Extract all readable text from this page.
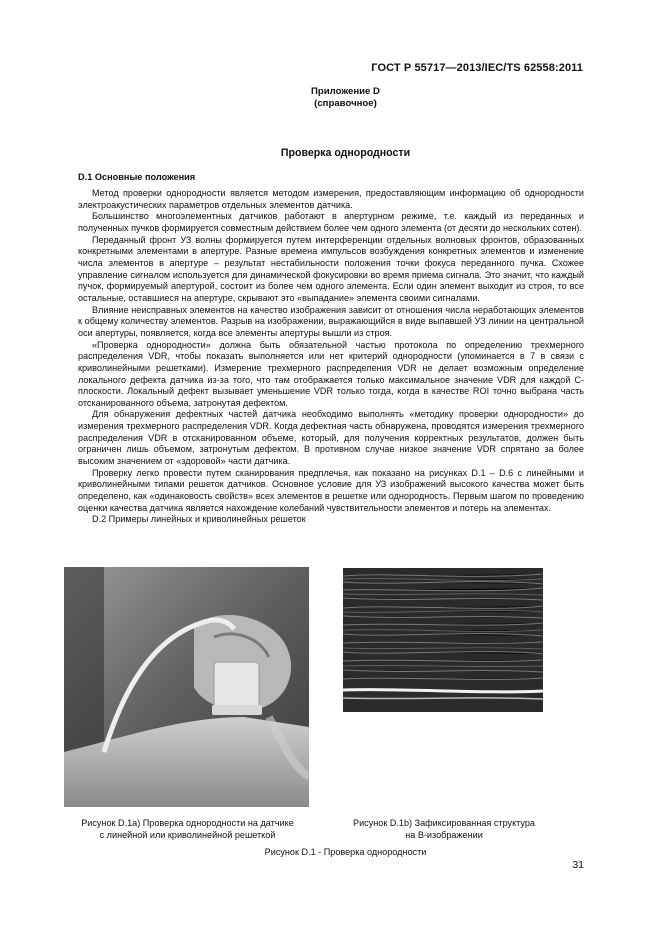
ГОСТ Р 55717—2013/IEC/TS 62558:2011
Приложение D
(справочное)
Проверка однородности
D.1 Основные положения

Метод проверки однородности является методом измерения, предоставляющим информацию об однородности электроакустических параметров отдельных элементов датчика.

Большинство многоэлементных датчиков работают в апертурном режиме, т.е. каждый из переданных и полученных пучков формируется совместным действием более чем одного элемента (от десяти до нескольких сотен).

Переданный фронт УЗ волны формируется путем интерференции отдельных волновых фронтов, образованных конкретными элементами в апертуре. Разные времена импульсов возбуждения конкретных элементов и изменение числа элементов в апертуре – результат нестабильности положения точки фокуса переданного пучка. Схожее управление сигналом используется для динамической фокусировки во время приема сигнала. Это значит, что каждый пучок, формируемый апертурой, состоит из более чем одного элемента. Если один элемент выходит из строя, то все остальные, оставшиеся на апертуре, скрывают это «выпадание» элемента своими сигналами.

Влияние неисправных элементов на качество изображения зависит от отношения числа неработающих элементов к общему количеству элементов. Разрыв на изображении, выражающийся в виде выпавшей УЗ линии на центральной оси апертуры, появляется, когда все элементы апертуры вышли из строя.

«Проверка однородности» должна быть обязательной частью протокола по определению трехмерного распределения VDR, чтобы показать выполняется или нет критерий однородности (упоминается в 7 в связи с криволинейными решетками). Измерение трехмерного распределения VDR не делает возможным определение локального дефекта датчика из-за того, что там отображается только максимальное значение VDR для каждой C-плоскости. Локальный дефект вызывает уменьшение VDR только тогда, когда в качестве ROI точно выбрана часть отсканированного объема, затронутая дефектом.

Для обнаружения дефектных частей датчика необходимо выполнять «методику проверки однородности» до измерения трехмерного распределения VDR. Когда дефектная часть обнаружена, проводятся измерения трехмерного распределения VDR в отсканированном объеме, который, для получения корректных результатов, должен быть ограничен лишь объемом, затронутым дефектом. В противном случае низкое значение VDR спрятано за более высоким значением от «здоровой» части датчика.

Проверку легко провести путем сканирования предплечья, как показано на рисунках D.1 – D.6 с линейными и криволинейными типами решеток датчиков. Основное условие для УЗ изображений высокого качества может быть определено, как «одинаковость свойств» всех элементов в решетке или однородность. Первым шагом по проведению оценки качества датчика является нахождение колебаний чувствительности элементов и потерь на элементах.

D.2 Примеры линейных и криволинейных решеток

Рисунок D.1a) Проверка однородности на датчике
с линейной или криволинейной решеткой
Рисунок D.1b) Зафиксированная структура
на В-изображении
Рисунок D.1 - Проверка однородности
31
